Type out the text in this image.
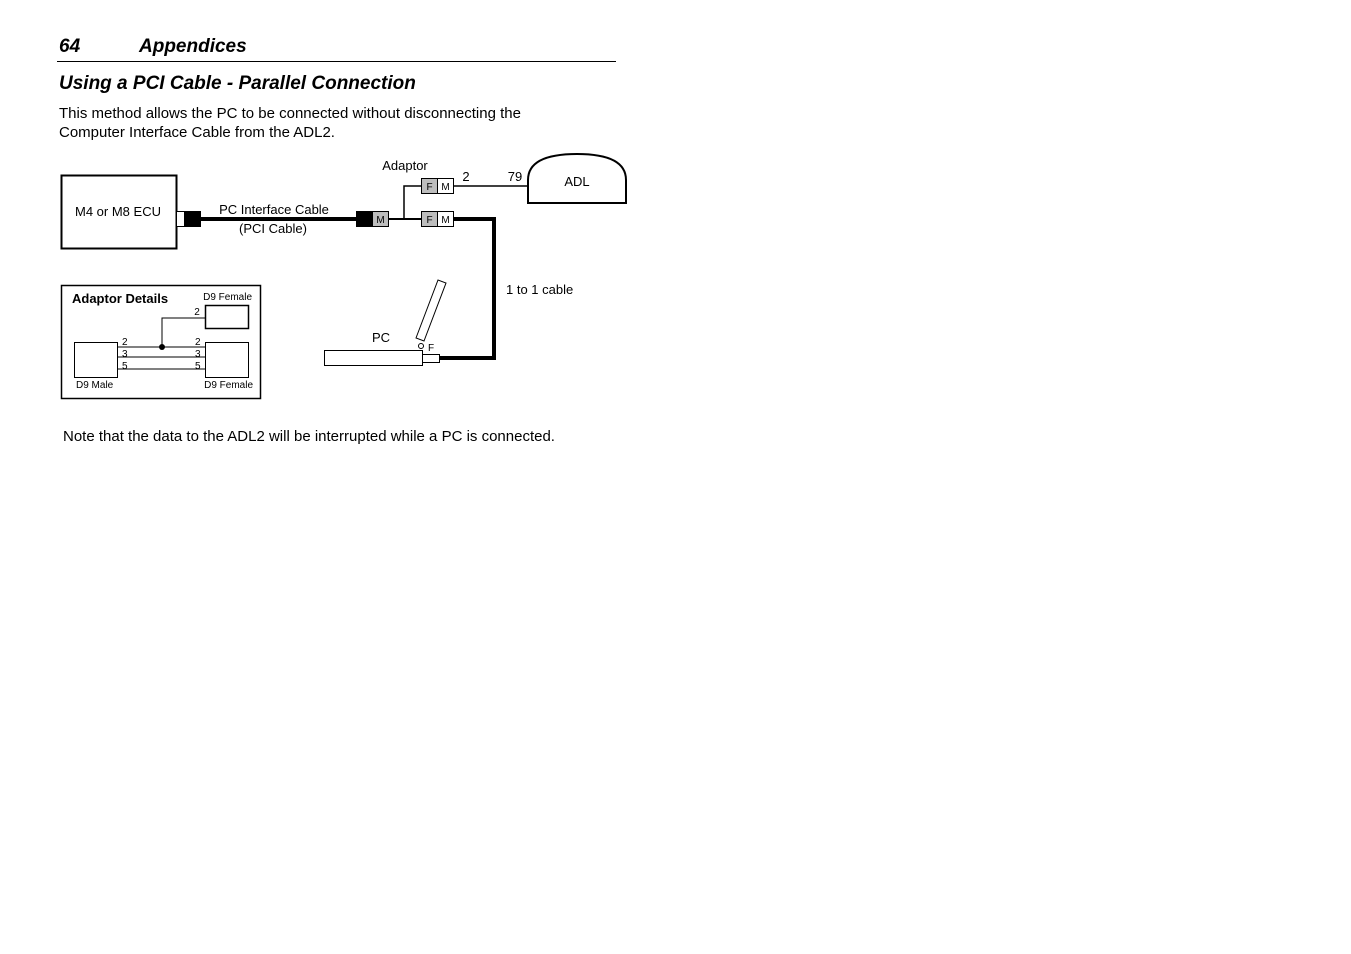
64	Appendices
Using a PCI Cable - Parallel Connection
This method allows the PC to be connected without disconnecting the
Computer Interface Cable from the ADL2.
M4 or M8 ECU	PC Interface Cable
(PCI Cable)
M
Adaptor
F M
F M
2	79	ADL
1 to 1 cable
PC
F
Adaptor Details	D9 Female
2
2
3
5
2
3
5
D9 Male	D9 Female
Note that the data to the ADL2 will be interrupted while a PC is connected.
